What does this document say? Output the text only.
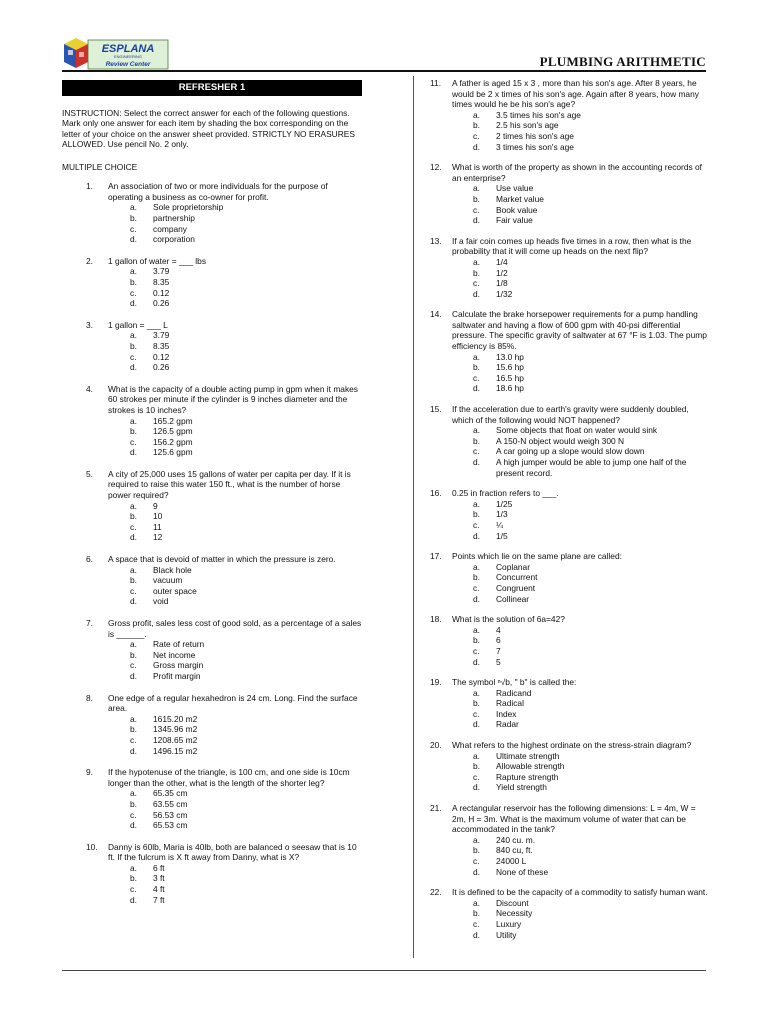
ESPLANA
ENGINEERING
Review Center	PLUMBING ARITHMETIC
REFRESHER 1
INSTRUCTION: Select the correct answer for each of the following questions. Mark only one answer for each item by shading the box corresponding on the letter of your choice on the answer sheet provided. STRICTLY NO ERASURES ALLOWED. Use pencil No. 2 only.
MULTIPLE CHOICE
1.	An association of two or more individuals for the purpose of operating a business as co-owner for profit.
a.	Sole proprietorship
b.	partnership
c.	company
d.	corporation
2.	1 gallon of water = ___ lbs
a.	3.79
b.	8.35
c.	0.12
d.	0.26
3.	1 gallon = ___ L
a.	3.79
b.	8.35
c.	0.12
d.	0.26
4.	What is the capacity of a double acting pump in gpm when it makes 60 strokes per minute if the cylinder is 9 inches diameter and the strokes is 10 inches?
a.	165.2 gpm
b.	126.5 gpm
c.	156.2 gpm
d.	125.6 gpm
5.	A city of 25,000 uses 15 gallons of water per capita per day. If it is required to raise this water 150 ft., what is the number of horse power required?
a.	9
b.	10
c.	11
d.	12
6.	A space that is devoid of matter in which the pressure is zero.
a.	Black hole
b.	vacuum
c.	outer space
d.	void
7.	Gross profit, sales less cost of good sold, as a percentage of a sales is ______.
a.	Rate of return
b.	Net income
c.	Gross margin
d.	Profit margin
8.	One edge of a regular hexahedron is 24 cm. Long. Find the surface area.
a.	1615.20 m2
b.	1345.96 m2
c.	1208.65 m2
d.	1496.15 m2
9.	If the hypotenuse of the triangle, is 100 cm, and one side is 10cm longer than the other, what is the length of the shorter leg?
a.	65.35 cm
b.	63.55 cm
c.	56.53 cm
d.	65.53 cm
10.	Danny is 60lb, Maria is 40lb, both are balanced o seesaw that is 10 ft. If the fulcrum is X ft away from Danny, what is X?
a.	6 ft
b.	3 ft
c.	4 ft
d.	7 ft
11.	A father is aged 15 x 3 , more than his son's age. After 8 years, he would be 2 x times of his son's age. Again after 8 years, how many times would he be his son's age?
a.	3.5 times his son's age
b.	2.5 his son's age
c.	2 times his son's age
d.	3 times his son's age
12.	What is worth of the property as shown in the accounting records of an enterprise?
a.	Use value
b.	Market value
c.	Book value
d.	Fair value
13.	If a fair coin comes up heads five times in a row, then what is the probability that it will come up heads on the next flip?
a.	1/4
b.	1/2
c.	1/8
d.	1/32
14.	Calculate the brake horsepower requirements for a pump handling saltwater and having a flow of 600 gpm with 40-psi differential pressure. The specific gravity of saltwater at 67 °F is 1.03. The pump efficiency is 85%.
a.	13.0 hp
b.	15.6 hp
c.	16.5 hp
d.	18.6 hp
15.	If the acceleration due to earth's gravity were suddenly doubled, which of the following would NOT happened?
a.	Some objects that float on water would sink
b.	A 150-N object would weigh 300 N
c.	A car going up a slope would slow down
d.	A high jumper would be able to jump one half of the present record.
16.	0.25 in fraction refers to ___.
a.	1/25
b.	1/3
c.	¼
d.	1/5
17.	Points which lie on the same plane are called:
a.	Coplanar
b.	Concurrent
c.	Congruent
d.	Collinear
18.	What is the solution of 6a=42?
a.	4
b.	6
c.	7
d.	5
19.	The symbol ⁿ√b, " b" is called the:
a.	Radicand
b.	Radical
c.	Index
d.	Radar
20.	What refers to the highest ordinate on the stress-strain diagram?
a.	Ultimate strength
b.	Allowable strength
c.	Rapture strength
d.	Yield strength
21.	A rectangular reservoir has the following dimensions: L = 4m, W = 2m, H = 3m. What is the maximum volume of water that can be accommodated in the tank?
a.	240 cu. m.
b.	840 cu, ft.
c.	24000 L
d.	None of these
22.	It is defined to be the capacity of a commodity to satisfy human want.
a.	Discount
b.	Necessity
c.	Luxury
d.	Utility
